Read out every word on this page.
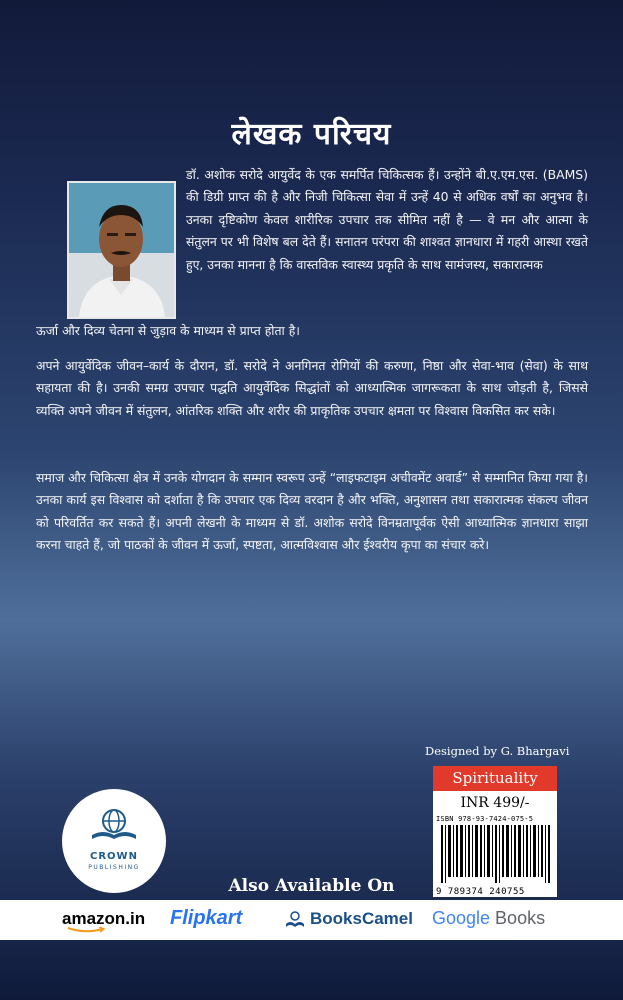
लेखक परिचय
डॉ. अशोक सरोदे आयुर्वेद के एक समर्पित चिकित्सक हैं। उन्होंने बी.ए.एम.एस. (BAMS) की डिग्री प्राप्त की है और निजी चिकित्सा सेवा में उन्हें 40 से अधिक वर्षों का अनुभव है। उनका दृष्टिकोण केवल शारीरिक उपचार तक सीमित नहीं है — वे मन और आत्मा के संतुलन पर भी विशेष बल देते हैं। सनातन परंपरा की शाश्वत ज्ञानधारा में गहरी आस्था रखते हुए, उनका मानना है कि वास्तविक स्वास्थ्य प्रकृति के साथ सामंजस्य, सकारात्मक
ऊर्जा और दिव्य चेतना से जुड़ाव के माध्यम से प्राप्त होता है।
अपने आयुर्वेदिक जीवन–कार्य के दौरान, डॉ. सरोदे ने अनगिनत रोगियों की करुणा, निष्ठा और सेवा-भाव (सेवा) के साथ सहायता की है। उनकी समग्र उपचार पद्धति आयुर्वेदिक सिद्धांतों को आध्यात्मिक जागरूकता के साथ जोड़ती है, जिससे व्यक्ति अपने जीवन में संतुलन, आंतरिक शक्ति और शरीर की प्राकृतिक उपचार क्षमता पर विश्वास विकसित कर सके।
समाज और चिकित्सा क्षेत्र में उनके योगदान के सम्मान स्वरूप उन्हें “लाइफटाइम अचीवमेंट अवार्ड” से सम्मानित किया गया है। उनका कार्य इस विश्वास को दर्शाता है कि उपचार एक दिव्य वरदान है और भक्ति, अनुशासन तथा सकारात्मक संकल्प जीवन को परिवर्तित कर सकते हैं। अपनी लेखनी के माध्यम से डॉ. अशोक सरोदे विनम्रतापूर्वक ऐसी आध्यात्मिक ज्ञानधारा साझा करना चाहते हैं, जो पाठकों के जीवन में ऊर्जा, स्पष्टता, आत्मविश्वास और ईश्वरीय कृपा का संचार करे।
Designed by G. Bhargavi
Spirituality
INR 499/-
ISBN 978-93-7424-075-5
9 789374 240755
CROWN
PUBLISHING
Also Available On
amazon.in Flipkart	BooksCamel Google Books
